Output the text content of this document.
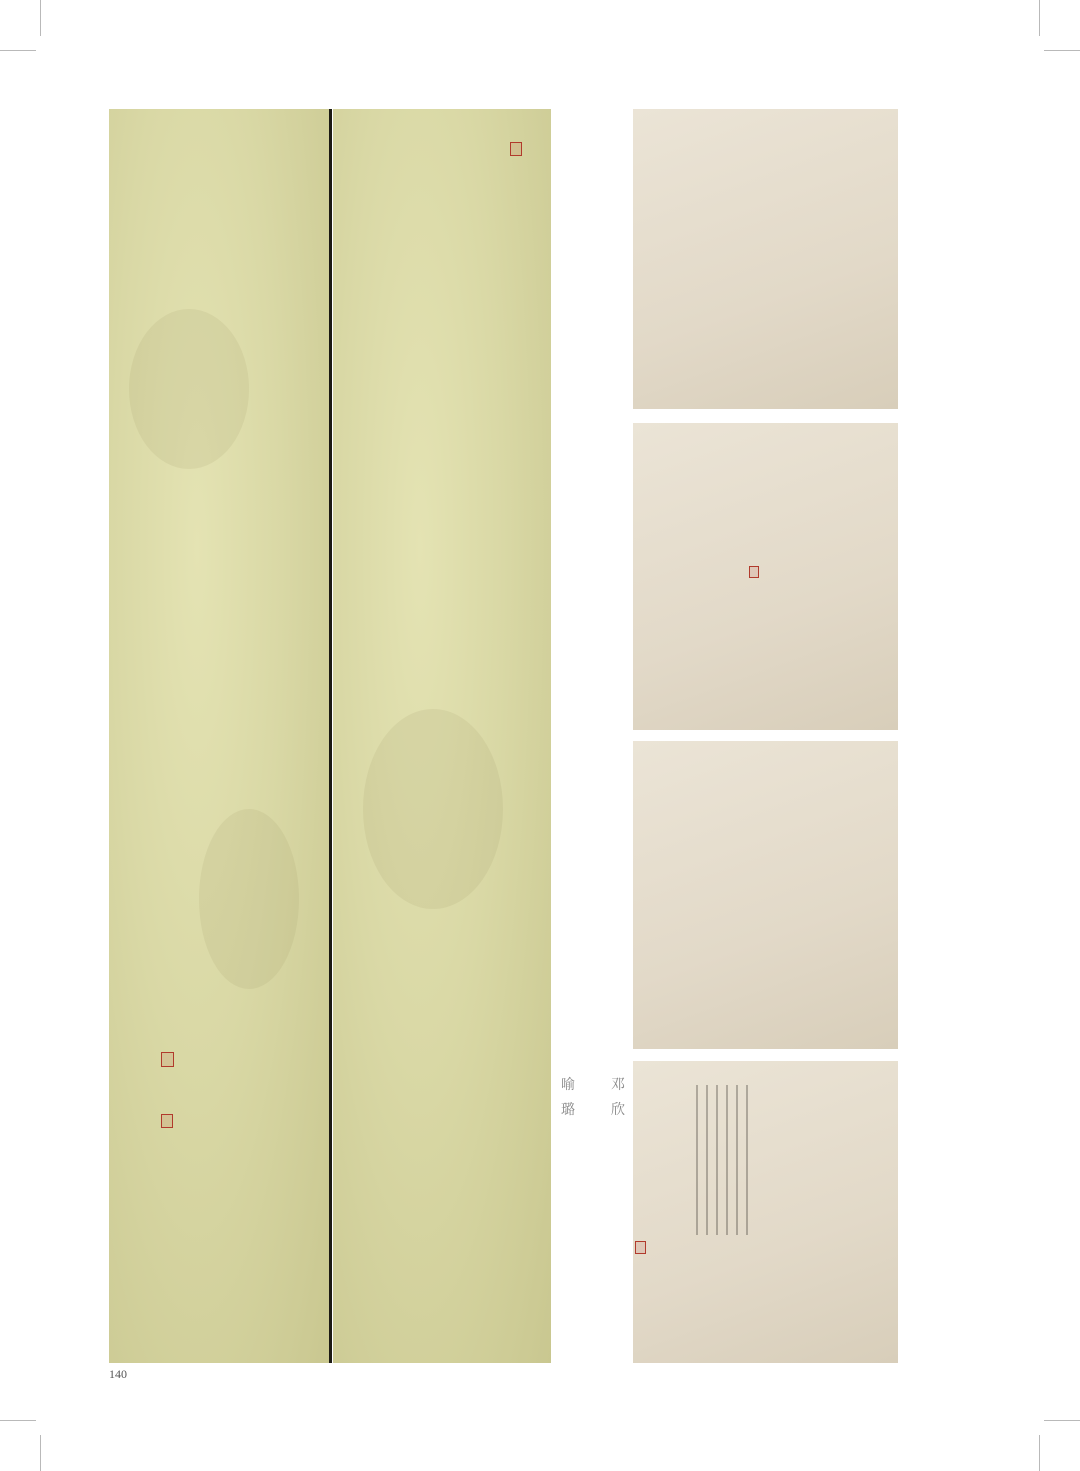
喻
璐
邓
欣
140
